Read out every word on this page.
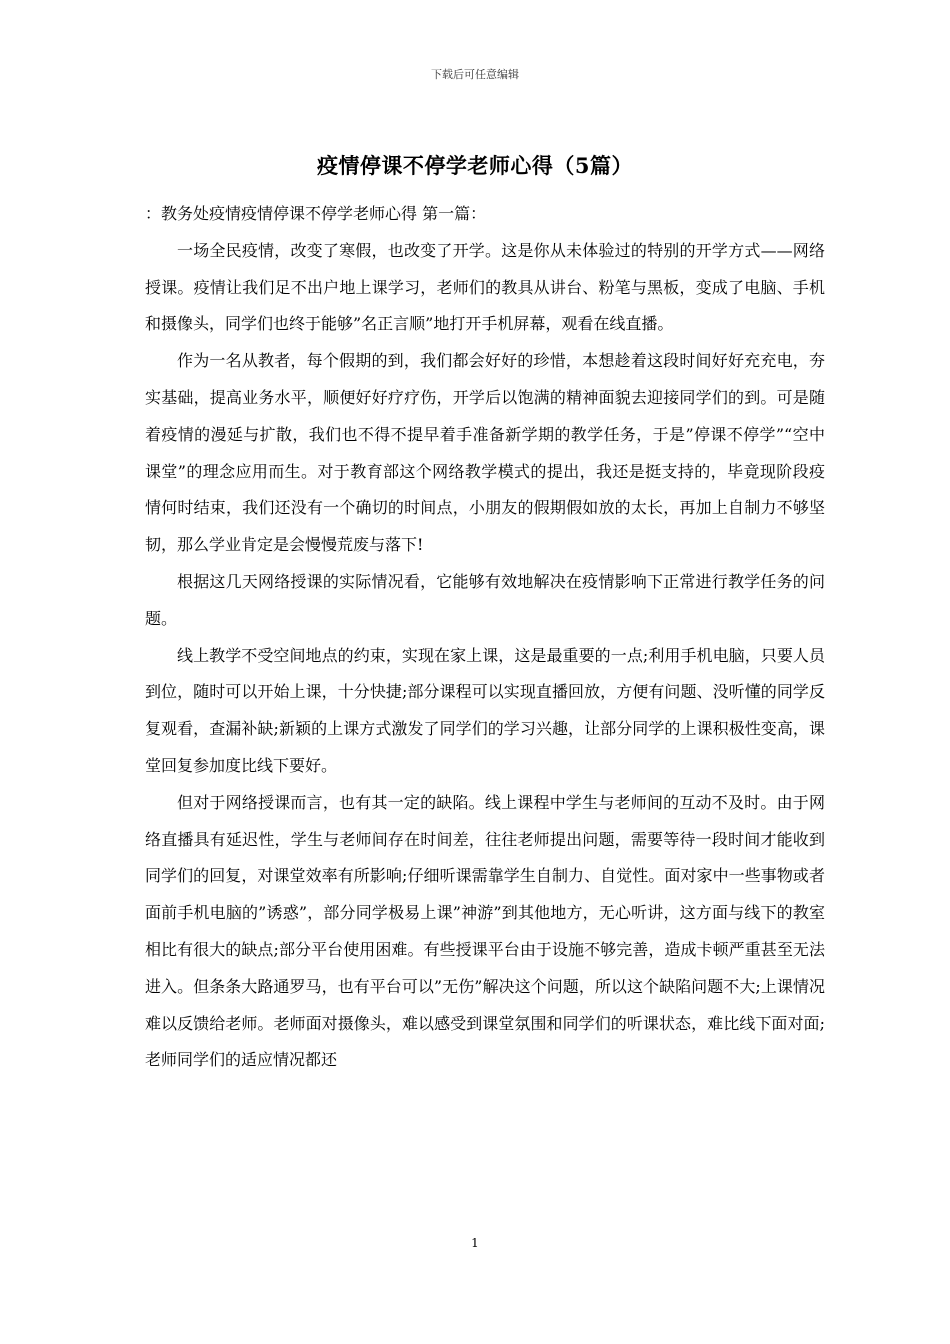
下载后可任意编辑
疫情停课不停学老师心得（5篇）

：教务处疫情疫情停课不停学老师心得 第一篇：

一场全民疫情，改变了寒假，也改变了开学。这是你从未体验过的特别的开学方式——网络授课。疫情让我们足不出户地上课学习，老师们的教具从讲台、粉笔与黑板，变成了电脑、手机和摄像头，同学们也终于能够”名正言顺”地打开手机屏幕，观看在线直播。

作为一名从教者，每个假期的到，我们都会好好的珍惜，本想趁着这段时间好好充充电，夯实基础，提高业务水平，顺便好好疗疗伤，开学后以饱满的精神面貌去迎接同学们的到。可是随着疫情的漫延与扩散，我们也不得不提早着手准备新学期的教学任务，于是”停课不停学”“空中课堂”的理念应用而生。对于教育部这个网络教学模式的提出，我还是挺支持的，毕竟现阶段疫情何时结束，我们还没有一个确切的时间点，小朋友的假期假如放的太长，再加上自制力不够坚韧，那么学业肯定是会慢慢荒废与落下!

根据这几天网络授课的实际情况看，它能够有效地解决在疫情影响下正常进行教学任务的问题。

线上教学不受空间地点的约束，实现在家上课，这是最重要的一点;利用手机电脑，只要人员到位，随时可以开始上课，十分快捷;部分课程可以实现直播回放，方便有问题、没听懂的同学反复观看，查漏补缺;新颖的上课方式激发了同学们的学习兴趣，让部分同学的上课积极性变高，课堂回复参加度比线下要好。

但对于网络授课而言，也有其一定的缺陷。线上课程中学生与老师间的互动不及时。由于网络直播具有延迟性，学生与老师间存在时间差，往往老师提出问题，需要等待一段时间才能收到同学们的回复，对课堂效率有所影响;仔细听课需靠学生自制力、自觉性。面对家中一些事物或者面前手机电脑的”诱惑”，部分同学极易上课”神游”到其他地方，无心听讲，这方面与线下的教室相比有很大的缺点;部分平台使用困难。有些授课平台由于设施不够完善，造成卡顿严重甚至无法进入。但条条大路通罗马，也有平台可以”无伤”解决这个问题，所以这个缺陷问题不大;上课情况难以反馈给老师。老师面对摄像头，难以感受到课堂氛围和同学们的听课状态，难比线下面对面;老师同学们的适应情况都还

1
